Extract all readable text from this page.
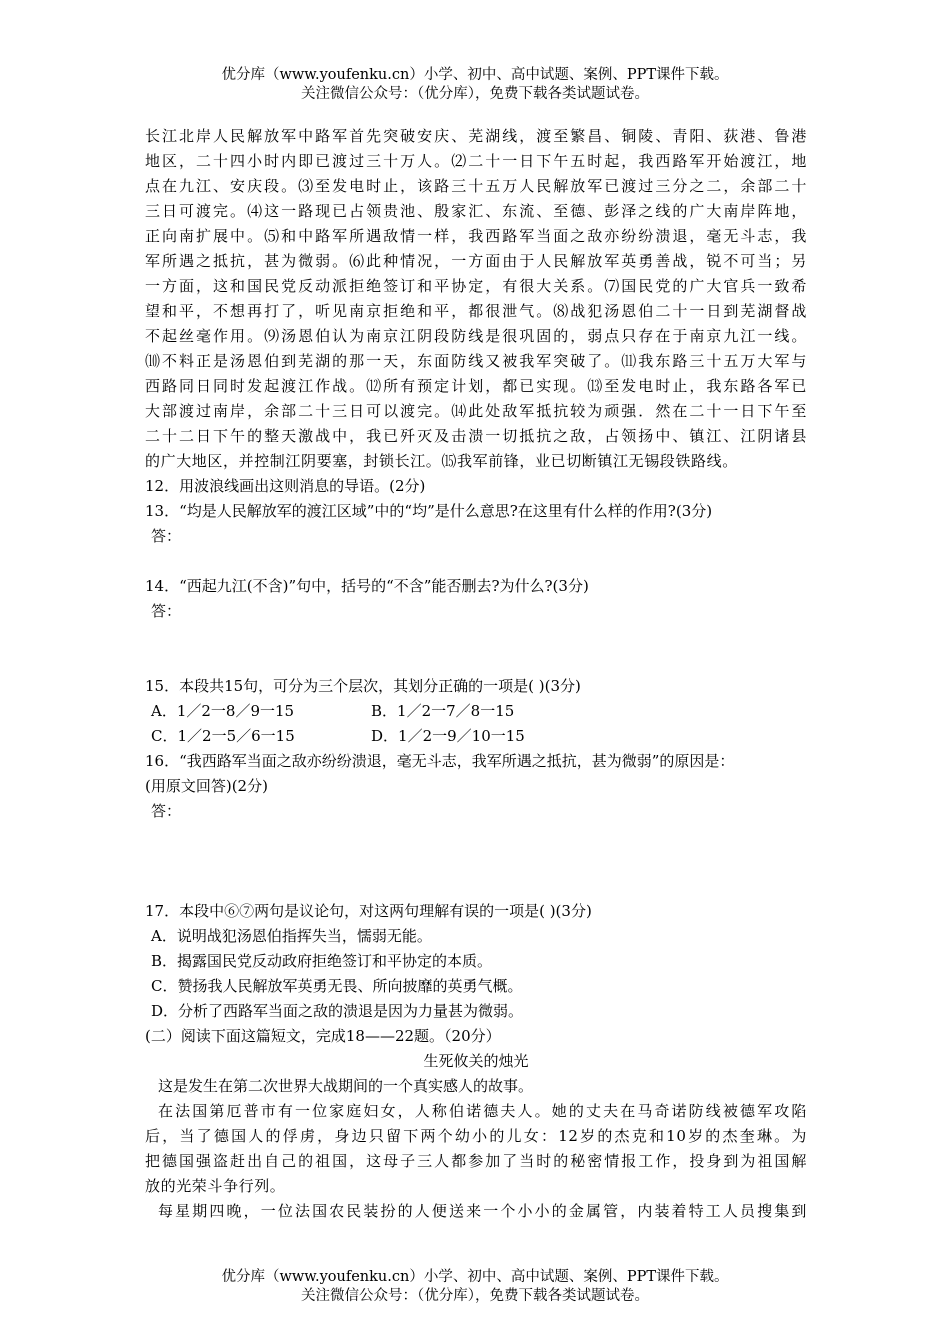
优分库（www.youfenku.cn）小学、初中、高中试题、案例、PPT课件下载。
关注微信公众号：（优分库），免费下载各类试题试卷。

长江北岸人民解放军中路军首先突破安庆、芜湖线，渡至繁昌、铜陵、青阳、荻港、鲁港

地区，二十四小时内即已渡过三十万人。⑵二十一日下午五时起，我西路军开始渡江，地

点在九江、安庆段。⑶至发电时止，该路三十五万人民解放军已渡过三分之二，余部二十

三日可渡完。⑷这一路现已占领贵池、殷家汇、东流、至德、彭泽之线的广大南岸阵地，

正向南扩展中。⑸和中路军所遇敌情一样，我西路军当面之敌亦纷纷溃退，毫无斗志，我

军所遇之抵抗，甚为微弱。⑹此种情况，一方面由于人民解放军英勇善战，锐不可当；另

一方面，这和国民党反动派拒绝签订和平协定，有很大关系。⑺国民党的广大官兵一致希

望和平，不想再打了，听见南京拒绝和平，都很泄气。⑻战犯汤恩伯二十一日到芜湖督战

不起丝毫作用。⑼汤恩伯认为南京江阴段防线是很巩固的，弱点只存在于南京九江一线。

⑽不料正是汤恩伯到芜湖的那一天，东面防线又被我军突破了。⑾我东路三十五万大军与

西路同日同时发起渡江作战。⑿所有预定计划，都已实现。⒀至发电时止，我东路各军已

大部渡过南岸，余部二十三日可以渡完。⒁此处敌军抵抗较为顽强．然在二十一日下午至

二十二日下午的整天激战中，我已歼灭及击溃一切抵抗之敌，占领扬中、镇江、江阴诸县

的广大地区，并控制江阴要塞，封锁长江。⒂我军前锋，业已切断镇江无锡段铁路线。

12．用波浪线画出这则消息的导语。(2分)

13．“均是人民解放军的渡江区域”中的“均”是什么意思?在这里有什么样的作用?(3分)

答：

14．“西起九江(不含)”句中，括号的“不含”能否删去?为什么?(3分)

答：

15．本段共15句，可分为三个层次，其划分正确的一项是( )(3分)

A．1／2一8／9一15	B．1／2一7／8一15
C．1／2一5／6一15	D．1／2一9／10一15

16．“我西路军当面之敌亦纷纷溃退，毫无斗志，我军所遇之抵抗，甚为微弱”的原因是：

(用原文回答)(2分)

答：

17．本段中⑥⑦两句是议论句，对这两句理解有误的一项是( )(3分)

A．说明战犯汤恩伯指挥失当，懦弱无能。

B．揭露国民党反动政府拒绝签订和平协定的本质。

C．赞扬我人民解放军英勇无畏、所向披靡的英勇气概。

D．分析了西路军当面之敌的溃退是因为力量甚为微弱。

(二）阅读下面这篇短文，完成18——22题。（20分）

生死攸关的烛光

这是发生在第二次世界大战期间的一个真实感人的故事。

在法国第厄普市有一位家庭妇女，人称伯诺德夫人。她的丈夫在马奇诺防线被德军攻陷

后，当了德国人的俘虏，身边只留下两个幼小的儿女：12岁的杰克和10岁的杰奎琳。为

把德国强盗赶出自己的祖国，这母子三人都参加了当时的秘密情报工作，投身到为祖国解

放的光荣斗争行列。

每星期四晚，一位法国农民装扮的人便送来一个小小的金属管，内装着特工人员搜集到

优分库（www.youfenku.cn）小学、初中、高中试题、案例、PPT课件下载。
关注微信公众号：（优分库），免费下载各类试题试卷。
